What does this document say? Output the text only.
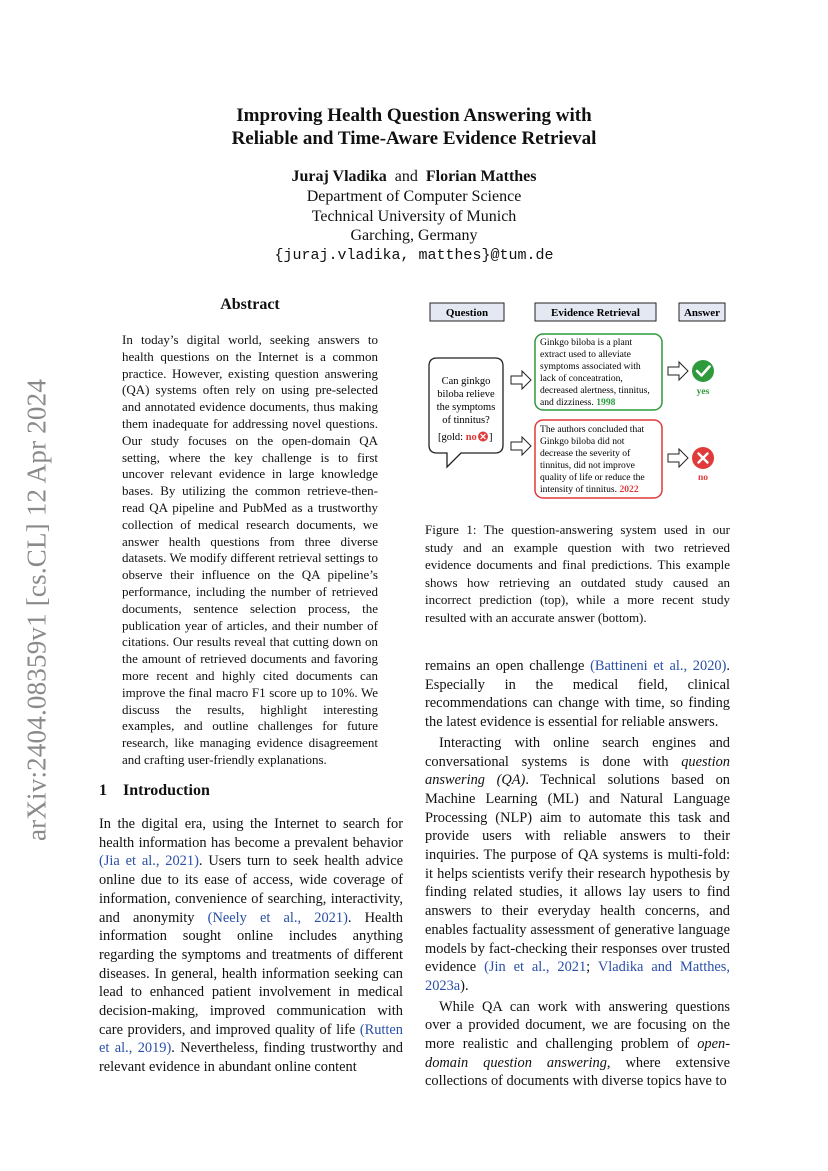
Improving Health Question Answering with
Reliable and Time-Aware Evidence Retrieval
Juraj Vladika and Florian Matthes
Department of Computer Science
Technical University of Munich
Garching, Germany
{juraj.vladika, matthes}@tum.de
arXiv:2404.08359v1 [cs.CL] 12 Apr 2024
Abstract
In today’s digital world, seeking answers to health questions on the Internet is a common practice. However, existing question answering (QA) systems often rely on using pre-selected and annotated evidence documents, thus making them inadequate for addressing novel questions. Our study focuses on the open-domain QA setting, where the key challenge is to first uncover relevant evidence in large knowledge bases. By utilizing the common retrieve-then-read QA pipeline and PubMed as a trustworthy collection of medical research documents, we answer health questions from three diverse datasets. We modify different retrieval settings to observe their influence on the QA pipeline’s performance, including the number of retrieved documents, sentence selection process, the publication year of articles, and their number of citations. Our results reveal that cutting down on the amount of retrieved documents and favoring more recent and highly cited documents can improve the final macro F1 score up to 10%. We discuss the results, highlight interesting examples, and outline challenges for future research, like managing evidence disagreement and crafting user-friendly explanations.
1 Introduction
In the digital era, using the Internet to search for health information has become a prevalent behavior (Jia et al., 2021). Users turn to seek health advice online due to its ease of access, wide coverage of information, convenience of searching, interactivity, and anonymity (Neely et al., 2021). Health information sought online includes anything regarding the symptoms and treatments of different diseases. In general, health information seeking can lead to enhanced patient involvement in medical decision-making, improved communication with care providers, and improved quality of life (Rutten et al., 2019). Nevertheless, finding trustworthy and relevant evidence in abundant online content
Question	Evidence Retrieval	Answer
Can ginkgo
biloba relieve
the symptoms
of tinnitus?
[gold: no ]
Ginkgo biloba is a plant
extract used to alleviate
symptoms associated with
lack of conceatration,
decreased alertness, tinnitus,
and dizziness. 1998
The authors concluded that
Ginkgo biloba did not
decrease the severity of
tinnitus, did not improve
quality of life or reduce the
intensity of tinnitus. 2022
yes
no
Figure 1: The question-answering system used in our study and an example question with two retrieved evidence documents and final predictions. This example shows how retrieving an outdated study caused an incorrect prediction (top), while a more recent study resulted with an accurate answer (bottom).

remains an open challenge (Battineni et al., 2020). Especially in the medical field, clinical recommendations can change with time, so finding the latest evidence is essential for reliable answers.

Interacting with online search engines and conversational systems is done with question answering (QA). Technical solutions based on Machine Learning (ML) and Natural Language Processing (NLP) aim to automate this task and provide users with reliable answers to their inquiries. The purpose of QA systems is multi-fold: it helps scientists verify their research hypothesis by finding related studies, it allows lay users to find answers to their everyday health concerns, and enables factuality assessment of generative language models by fact-checking their responses over trusted evidence (Jin et al., 2021; Vladika and Matthes, 2023a).

While QA can work with answering questions over a provided document, we are focusing on the more realistic and challenging problem of open-domain question answering, where extensive collections of documents with diverse topics have to
